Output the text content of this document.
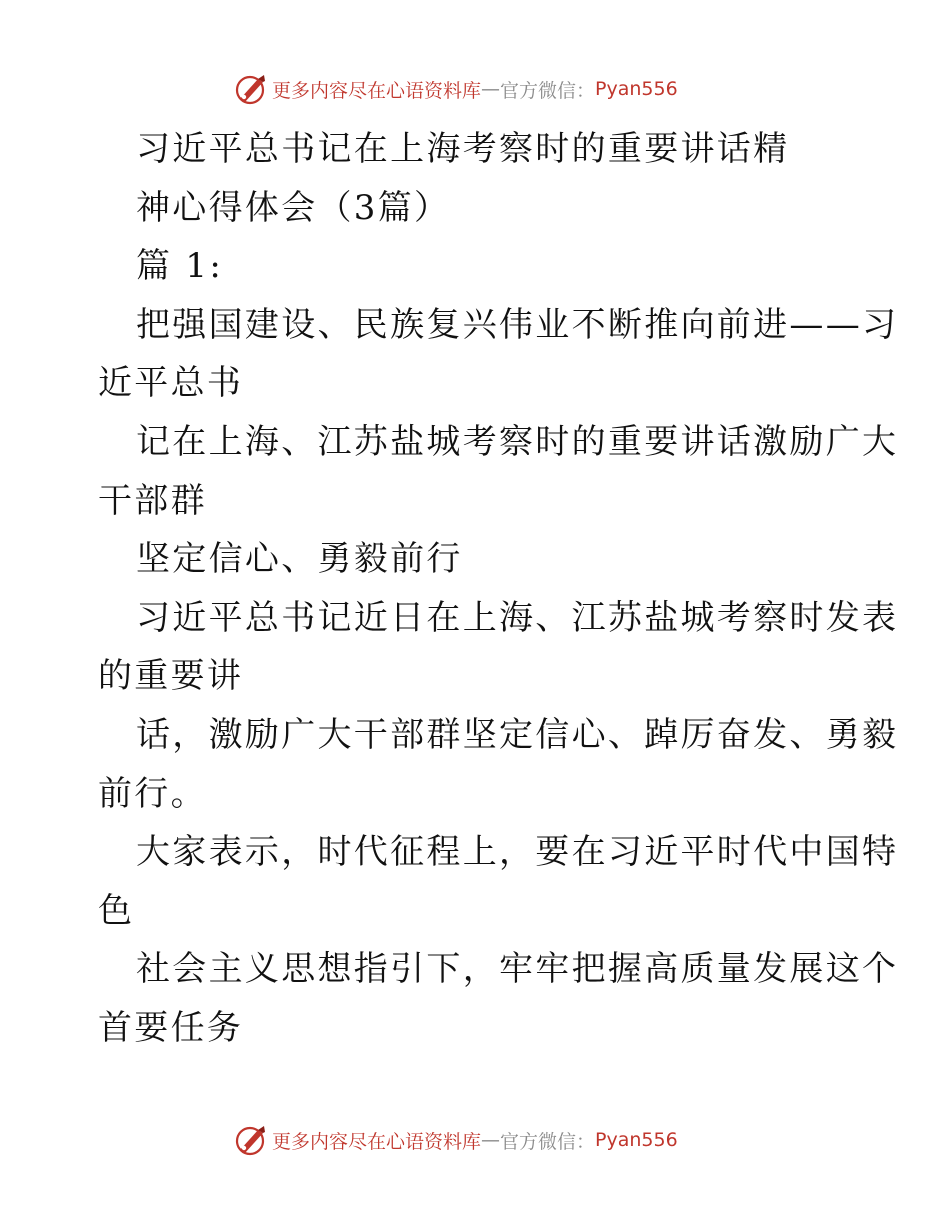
更多内容尽在心语资料库 — 官方微信： Pyan556
习近平总书记在上海考察时的重要讲话精
神心得体会（3篇）
篇 1:
把强国建设、民族复兴伟业不断推向前进——习
近平总书
记在上海、江苏盐城考察时的重要讲话激励广大
干部群
坚定信心、勇毅前行
习近平总书记近日在上海、江苏盐城考察时发表
的重要讲
话，激励广大干部群坚定信心、踔厉奋发、勇毅
前行。
大家表示，时代征程上，要在习近平时代中国特
色
社会主义思想指引下，牢牢把握高质量发展这个
首要任务
更多内容尽在心语资料库 — 官方微信： Pyan556
